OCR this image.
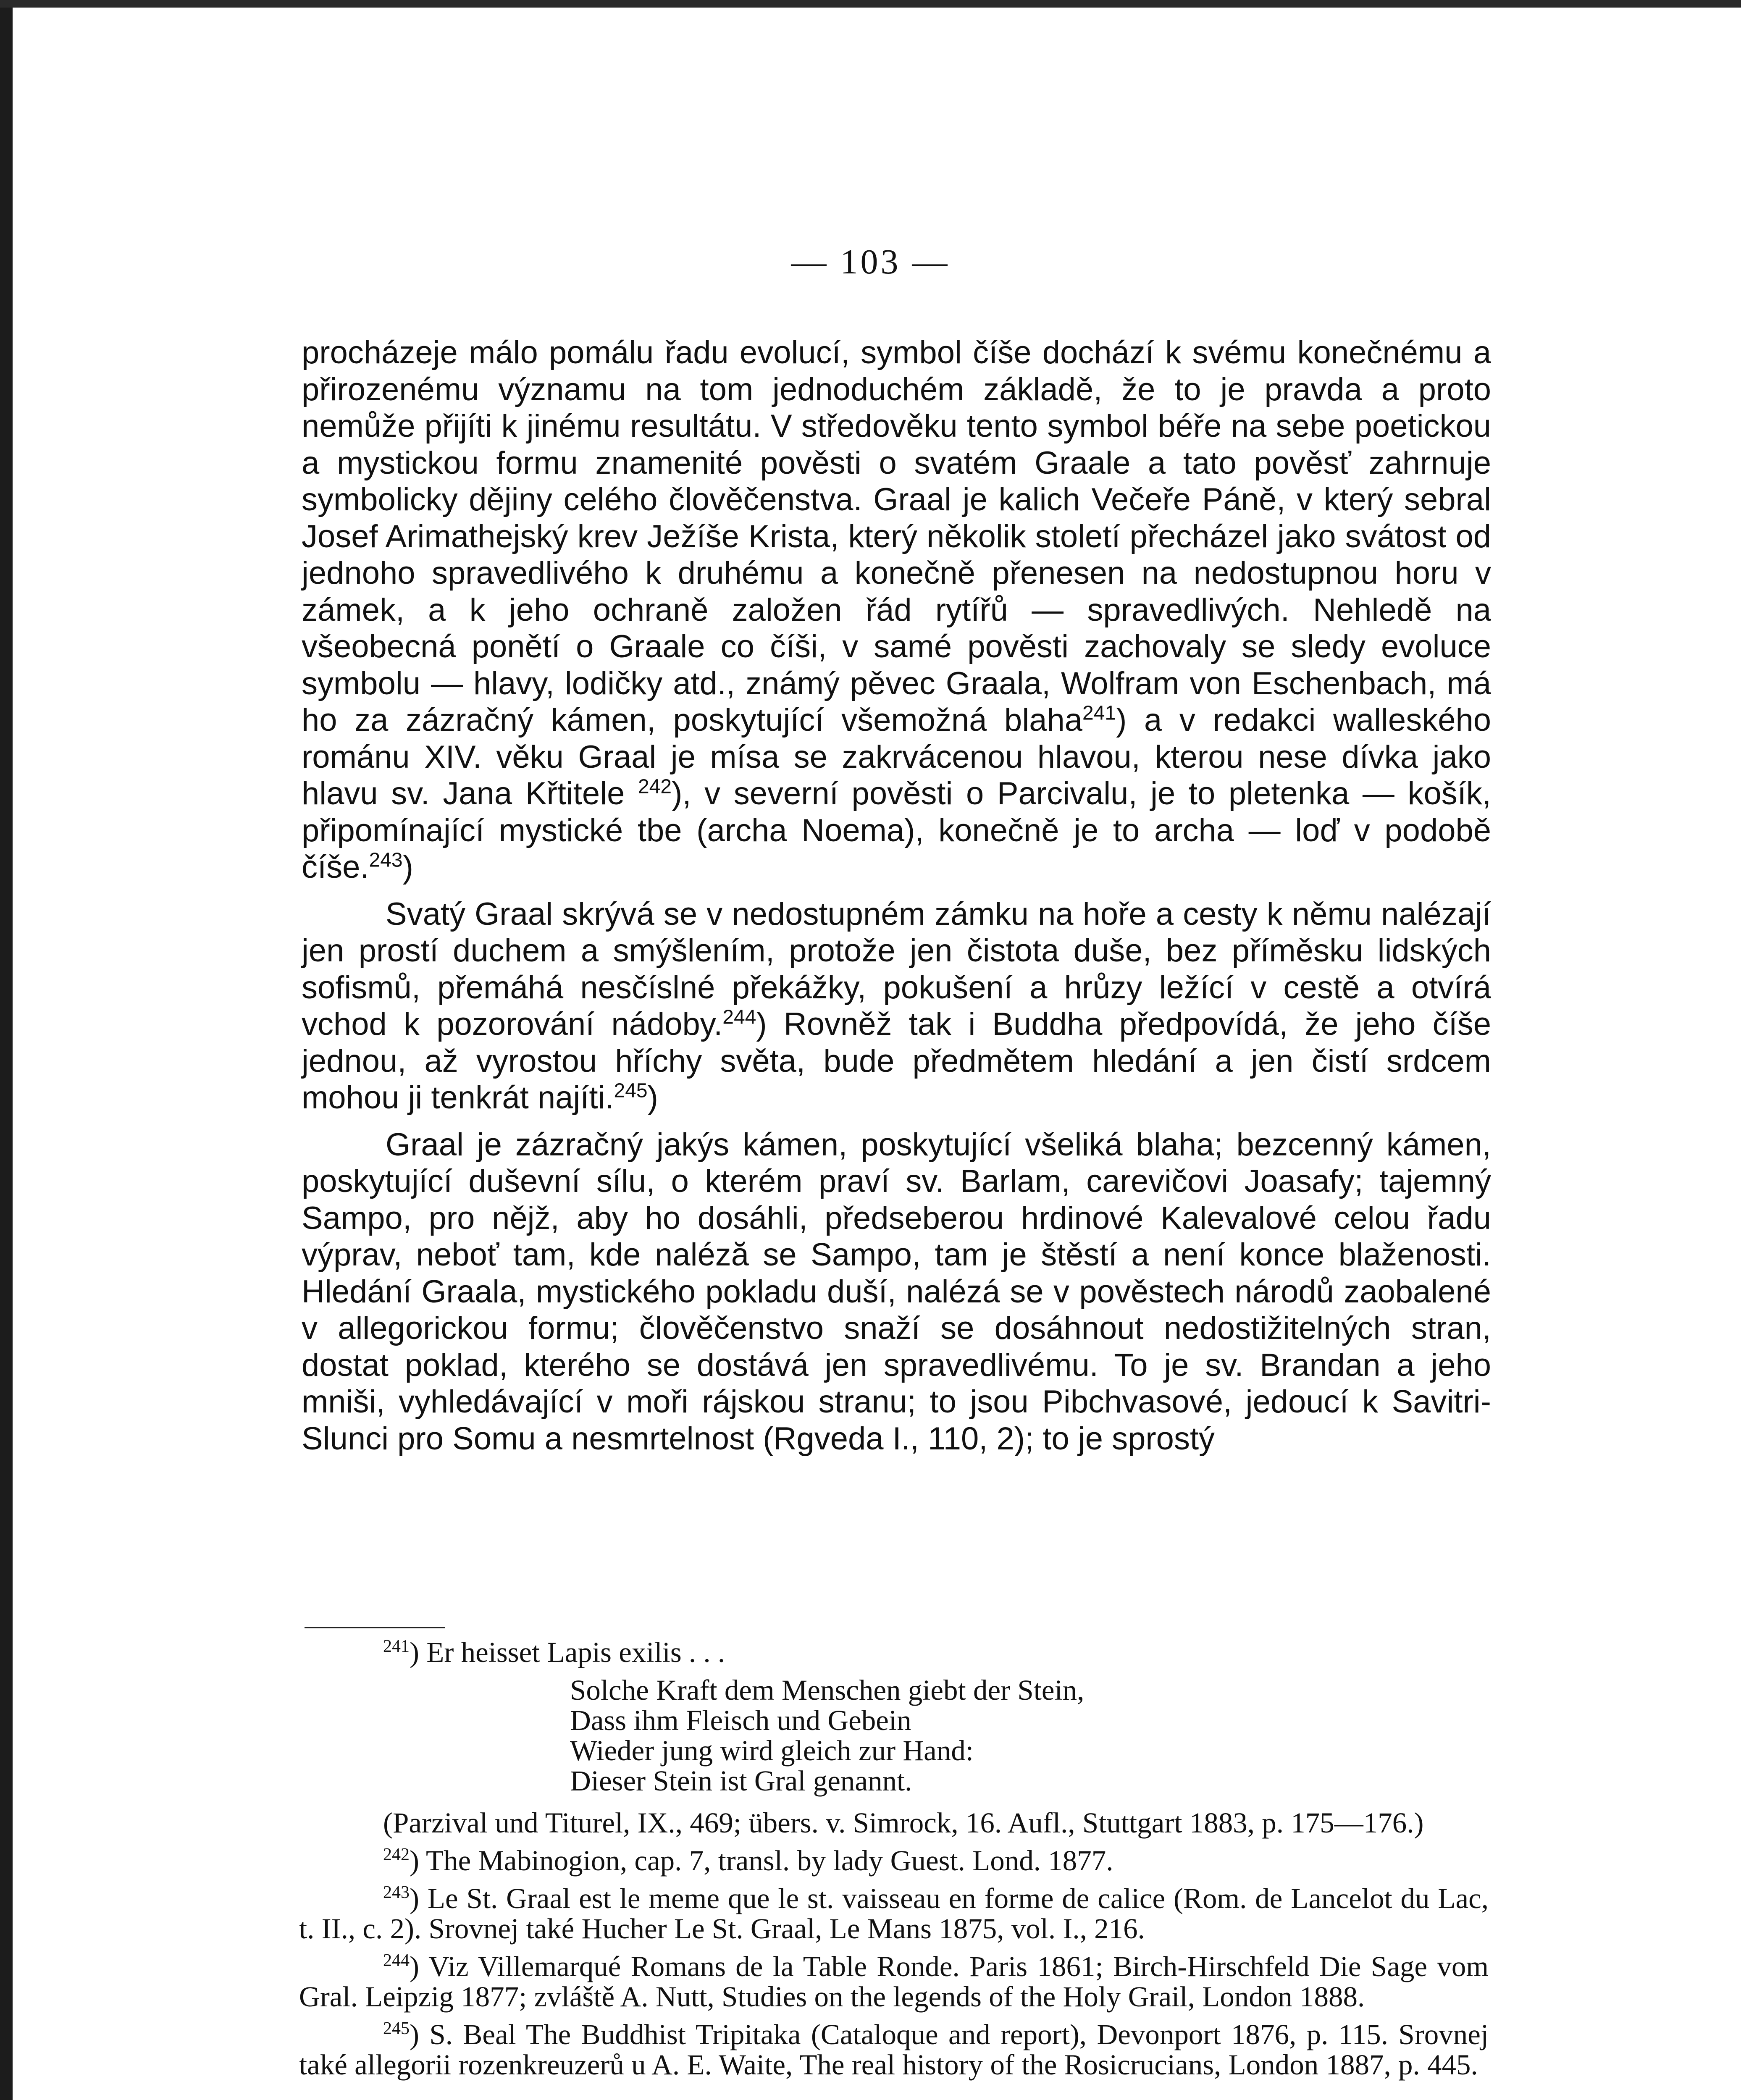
— 103 —

procházeje málo pomálu řadu evolucí, symbol číše dochází k svému konečnému a přirozenému významu na tom jednoduchém základě, že to je pravda a proto nemůže přijíti k jinému resultátu. V středověku tento symbol béře na sebe poetickou a mystickou formu znamenité pověsti o svatém Graale a tato pověsť zahrnuje symbolicky dějiny celého člověčenstva. Graal je kalich Večeře Páně, v který sebral Josef Arimathejský krev Ježíše Krista, který několik století přecházel jako svátost od jednoho spravedlivého k druhému a konečně přenesen na nedostupnou horu v zámek, a k jeho ochraně založen řád rytířů — spravedlivých. Nehledě na všeobecná ponětí o Graale co číši, v samé pověsti zachovaly se sledy evoluce symbolu — hlavy, lodičky atd., známý pěvec Graala, Wolfram von Eschenbach, má ho za zázračný kámen, poskytující všemožná blaha$^{241}$) a v redakci walleského románu XIV. věku Graal je mísa se zakrvácenou hlavou, kterou nese dívka jako hlavu sv. Jana Křtitele $^{242}$), v severní pověsti o Parcivalu, je to pletenka — košík, připomínající mystické tbe (archa Noema), konečně je to archa — loď v podobě číše.$^{243}$)

Svatý Graal skrývá se v nedostupném zámku na hoře a cesty k němu nalézají jen prostí duchem a smýšlením, protože jen čistota duše, bez příměsku lidských sofismů, přemáhá nesčíslné překážky, pokušení a hrůzy ležící v cestě a otvírá vchod k pozorování nádoby.$^{244}$) Rovněž tak i Buddha předpovídá, že jeho číše jednou, až vyrostou hříchy světa, bude předmětem hledání a jen čistí srdcem mohou ji tenkrát najíti.$^{245}$)

Graal je zázračný jakýs kámen, poskytující všeliká blaha; bezcenný kámen, poskytující duševní sílu, o kterém praví sv. Barlam, carevičovi Joasafy; tajemný Sampo, pro nějž, aby ho dosáhli, předseberou hrdinové Kalevalové celou řadu výprav, neboť tam, kde naléză se Sampo, tam je štěstí a není konce blaženosti. Hledání Graala, mystického pokladu duší, nalézá se v pověstech národů zaobalené v allegorickou formu; člověčenstvo snaží se dosáhnout nedostižitelných stran, dostat poklad, kterého se dostává jen spravedlivému. To je sv. Brandan a jeho mniši, vyhledávající v moři rájskou stranu; to jsou Pibchvasové, jedoucí k Savitri-Slunci pro Somu a nesmrtelnost (Rgveda I., 110, 2); to je sprostý

$^{241}$) Er heisset Lapis exilis . . .

Solche Kraft dem Menschen giebt der Stein,
Dass ihm Fleisch und Gebein
Wieder jung wird gleich zur Hand:
Dieser Stein ist Gral genannt.

(Parzival und Titurel, IX., 469; übers. v. Simrock, 16. Aufl., Stuttgart 1883, p. 175—176.)

$^{242}$) The Mabinogion, cap. 7, transl. by lady Guest. Lond. 1877.

$^{243}$) Le St. Graal est le meme que le st. vaisseau en forme de calice (Rom. de Lancelot du Lac, t. II., c. 2). Srovnej také Hucher Le St. Graal, Le Mans 1875, vol. I., 216.

$^{244}$) Viz Villemarqué Romans de la Table Ronde. Paris 1861; Birch-Hirschfeld Die Sage vom Gral. Leipzig 1877; zvláště A. Nutt, Studies on the legends of the Holy Grail, London 1888.

$^{245}$) S. Beal The Buddhist Tripitaka (Cataloque and report), Devonport 1876, p. 115. Srovnej také allegorii rozenkreuzerů u A. E. Waite, The real history of the Rosicrucians, London 1887, p. 445.
